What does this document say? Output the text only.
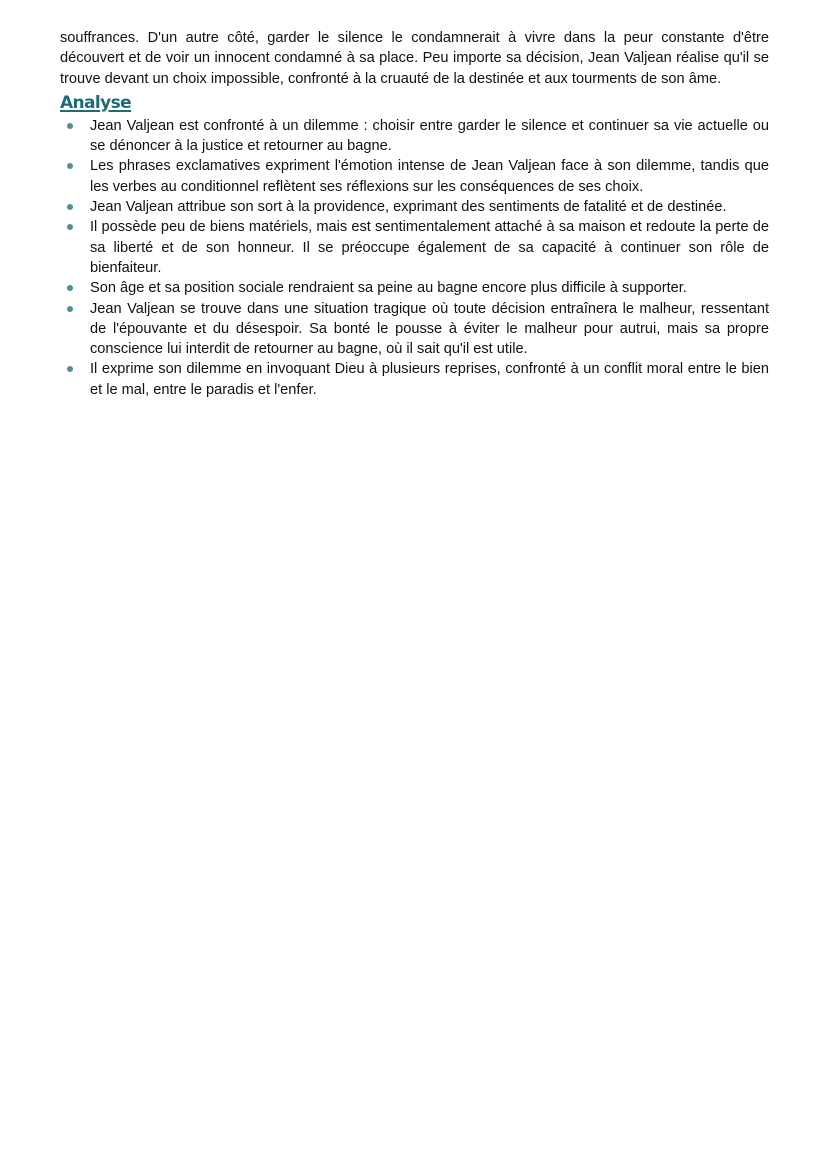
souffrances. D'un autre côté, garder le silence le condamnerait à vivre dans la peur constante d'être découvert et de voir un innocent condamné à sa place. Peu importe sa décision, Jean Valjean réalise qu'il se trouve devant un choix impossible, confronté à la cruauté de la destinée et aux tourments de son âme.

Analyse
Jean Valjean est confronté à un dilemme : choisir entre garder le silence et continuer sa vie actuelle ou se dénoncer à la justice et retourner au bagne.
Les phrases exclamatives expriment l'émotion intense de Jean Valjean face à son dilemme, tandis que les verbes au conditionnel reflètent ses réflexions sur les conséquences de ses choix.
Jean Valjean attribue son sort à la providence, exprimant des sentiments de fatalité et de destinée.
Il possède peu de biens matériels, mais est sentimentalement attaché à sa maison et redoute la perte de sa liberté et de son honneur. Il se préoccupe également de sa capacité à continuer son rôle de bienfaiteur.
Son âge et sa position sociale rendraient sa peine au bagne encore plus difficile à supporter.
Jean Valjean se trouve dans une situation tragique où toute décision entraînera le malheur, ressentant de l'épouvante et du désespoir. Sa bonté le pousse à éviter le malheur pour autrui, mais sa propre conscience lui interdit de retourner au bagne, où il sait qu'il est utile.
Il exprime son dilemme en invoquant Dieu à plusieurs reprises, confronté à un conflit moral entre le bien et le mal, entre le paradis et l'enfer.
